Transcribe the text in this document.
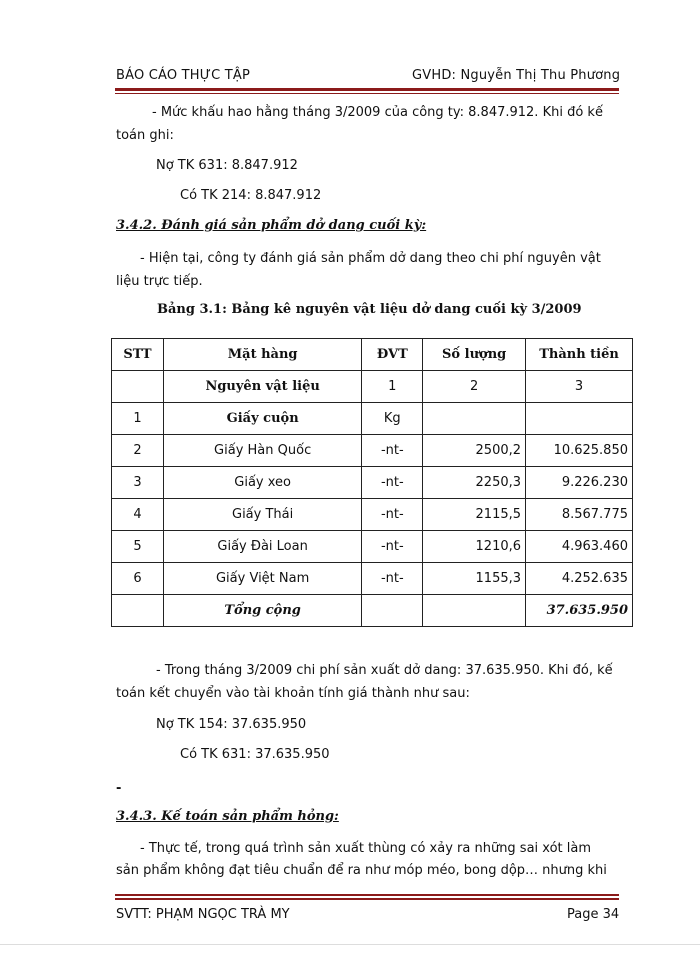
BÁO CÁO THỰC TẬP	GVHD: Nguyễn Thị Thu Phương
- Mức khấu hao hằng tháng 3/2009 của công ty: 8.847.912. Khi đó kế
toán ghi:
Nợ TK 631: 8.847.912
Có TK 214: 8.847.912
3.4.2. Đánh giá sản phẩm dở dang cuối kỳ:
- Hiện tại, công ty đánh giá sản phẩm dở dang theo chi phí nguyên vật
liệu trực tiếp.
Bảng 3.1: Bảng kê nguyên vật liệu dở dang cuối kỳ 3/2009
STT	Mặt hàng	ĐVT	Số lượng	Thành tiền
	Nguyên vật liệu	1	2	3
1	Giấy cuộn	Kg		
2	Giấy Hàn Quốc	-nt-	2500,2	10.625.850
3	Giấy xeo	-nt-	2250,3	9.226.230
4	Giấy Thái	-nt-	2115,5	8.567.775
5	Giấy Đài Loan	-nt-	1210,6	4.963.460
6	Giấy Việt Nam	-nt-	1155,3	4.252.635
	Tổng cộng			37.635.950
- Trong tháng 3/2009 chi phí sản xuất dở dang: 37.635.950. Khi đó, kế
toán kết chuyển vào tài khoản tính giá thành như sau:
Nợ TK 154: 37.635.950
Có TK 631: 37.635.950
-
3.4.3. Kế toán sản phẩm hỏng:
- Thực tế, trong quá trình sản xuất thùng có xảy ra những sai xót làm
sản phẩm không đạt tiêu chuẩn để ra như móp méo, bong dộp… nhưng khi
SVTT: PHẠM NGỌC TRÀ MY	Page 34
